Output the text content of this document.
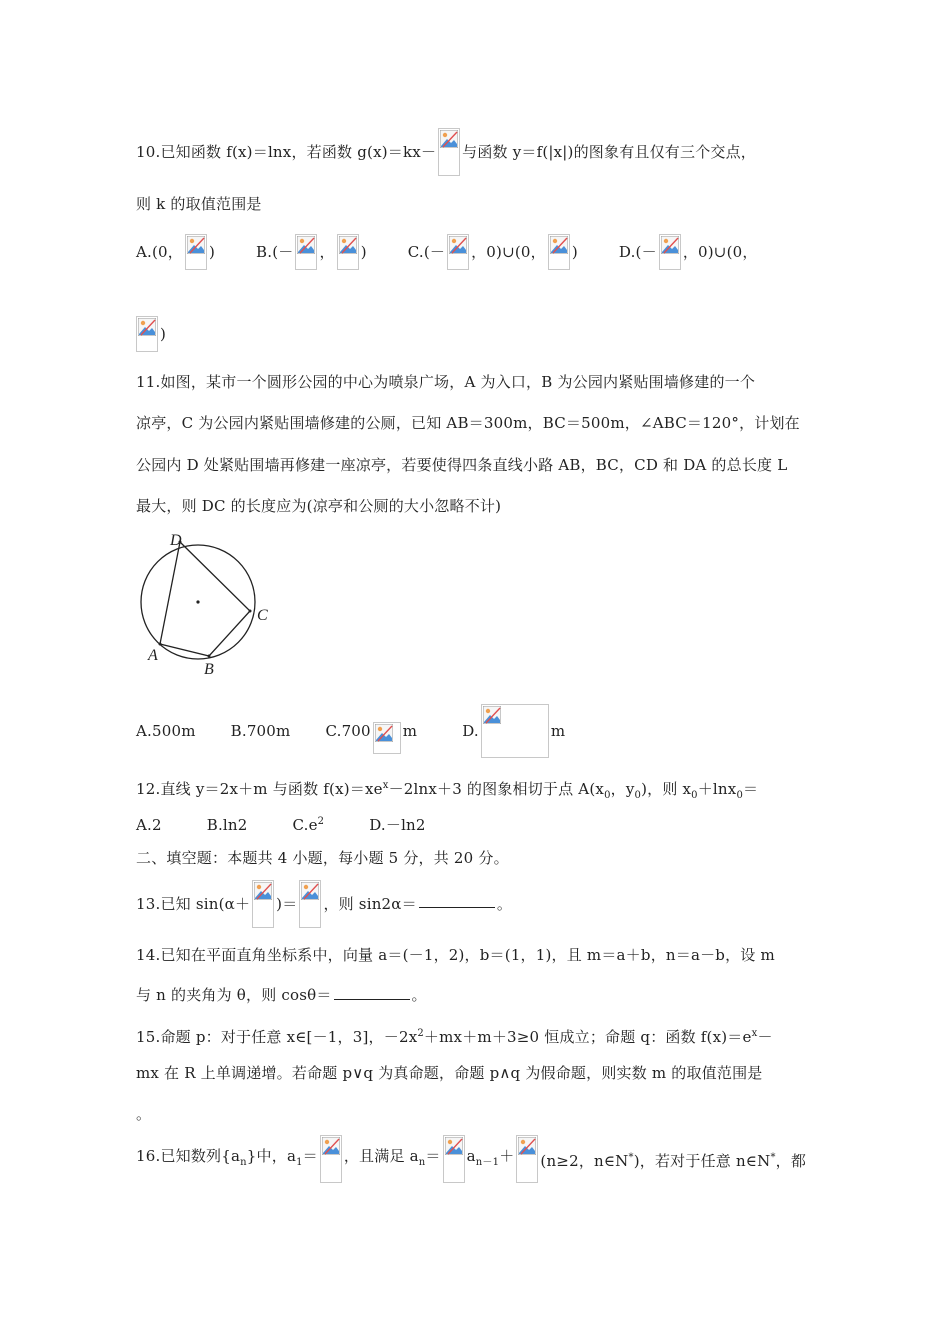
10.已知函数 f(x)＝lnx，若函数 g(x)＝kx－ 与函数 y＝f(|x|)的图象有且仅有三个交点，
则 k 的取值范围是
A.(0， )	B.(－ ， )	C.(－ ，0)∪(0， )	D.(－ ，0)∪(0，
)
11.如图，某市一个圆形公园的中心为喷泉广场，A 为入口，B 为公园内紧贴围墙修建的一个
凉亭，C 为公园内紧贴围墙修建的公厕，已知 AB＝300m，BC＝500m，∠ABC＝120°，计划在
公园内 D 处紧贴围墙再修建一座凉亭，若要使得四条直线小路 AB，BC，CD 和 DA 的总长度 L
最大，则 DC 的长度应为(凉亭和公厕的大小忽略不计)
D
C
B
A
A.500m B.700m C.700 m	D.	m
12.直线 y＝2x＋m 与函数 $f(x)=xe^x-2\ln x+3$ 的图象相切于点 $A(x_0$，$y_0$)，则 $x_0+\ln x_0=$
A.2	B.ln2	$C.e^2$	D.－ln2
二、填空题：本题共 4 小题，每小题 5 分，共 20 分。
13.已知 sin(α＋ )＝ ，则 sin2α＝	。
14.已知在平面直角坐标系中，向量 a＝(－1，2)，b＝(1，1)，且 m＝a＋b，n＝a－b，设 m
与 n 的夹角为 θ，则 cosθ＝	。
15.命题 p：对于任意 x∈[－1，3]，$-2x^2+mx+m+3\ge 0$ 恒成立；命题 q：函数 $f(x)=e^x-$
mx 在 R 上单调递增。若命题 p∨q 为真命题，命题 p∧q 为假命题，则实数 m 的取值范围是
。
16.已知数列$\{a_n\}$中，$a_1=$ ，且满足 $a_n= a_{n-1}+ (n\ge 2$，n∈N*)，若对于任意 n∈N*，都
